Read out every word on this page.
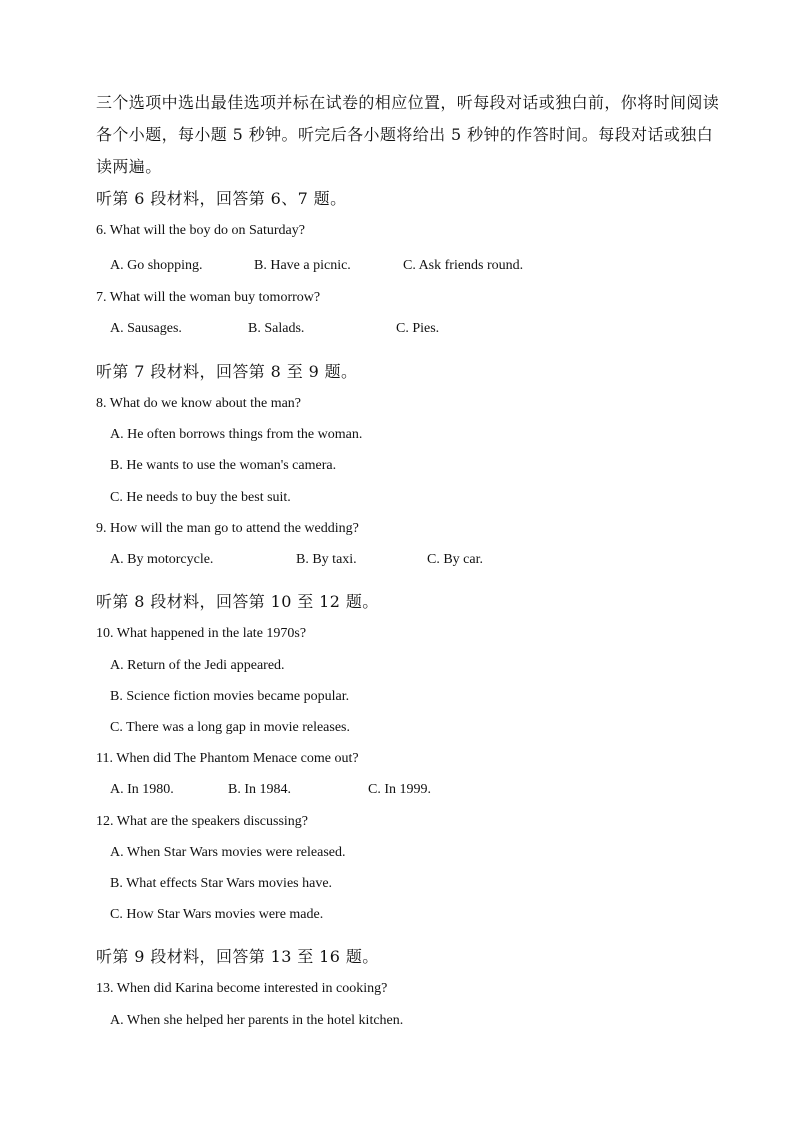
三个选项中选出最佳选项并标在试卷的相应位置，听每段对话或独白前，你将时间阅读
各个小题，每小题 5 秒钟。听完后各小题将给出 5 秒钟的作答时间。每段对话或独白
读两遍。
听第 6 段材料，回答第 6、7 题。
6. What will the boy do on Saturday?
A. Go shopping.	B. Have a picnic.	C. Ask friends round.
7. What will the woman buy tomorrow?
A. Sausages.	B. Salads.	C. Pies.
听第 7 段材料，回答第 8 至 9 题。
8. What do we know about the man?
A. He often borrows things from the woman.
B. He wants to use the woman's camera.
C. He needs to buy the best suit.
9. How will the man go to attend the wedding?
A. By motorcycle.	B. By taxi.	C. By car.
听第 8 段材料，回答第 10 至 12 题。
10. What happened in the late 1970s?
A. Return of the Jedi appeared.
B. Science fiction movies became popular.
C. There was a long gap in movie releases.
11. When did The Phantom Menace come out?
A. In 1980.	B. In 1984.	C. In 1999.
12. What are the speakers discussing?
A. When Star Wars movies were released.
B. What effects Star Wars movies have.
C. How Star Wars movies were made.
听第 9 段材料，回答第 13 至 16 题。
13. When did Karina become interested in cooking?
A. When she helped her parents in the hotel kitchen.
